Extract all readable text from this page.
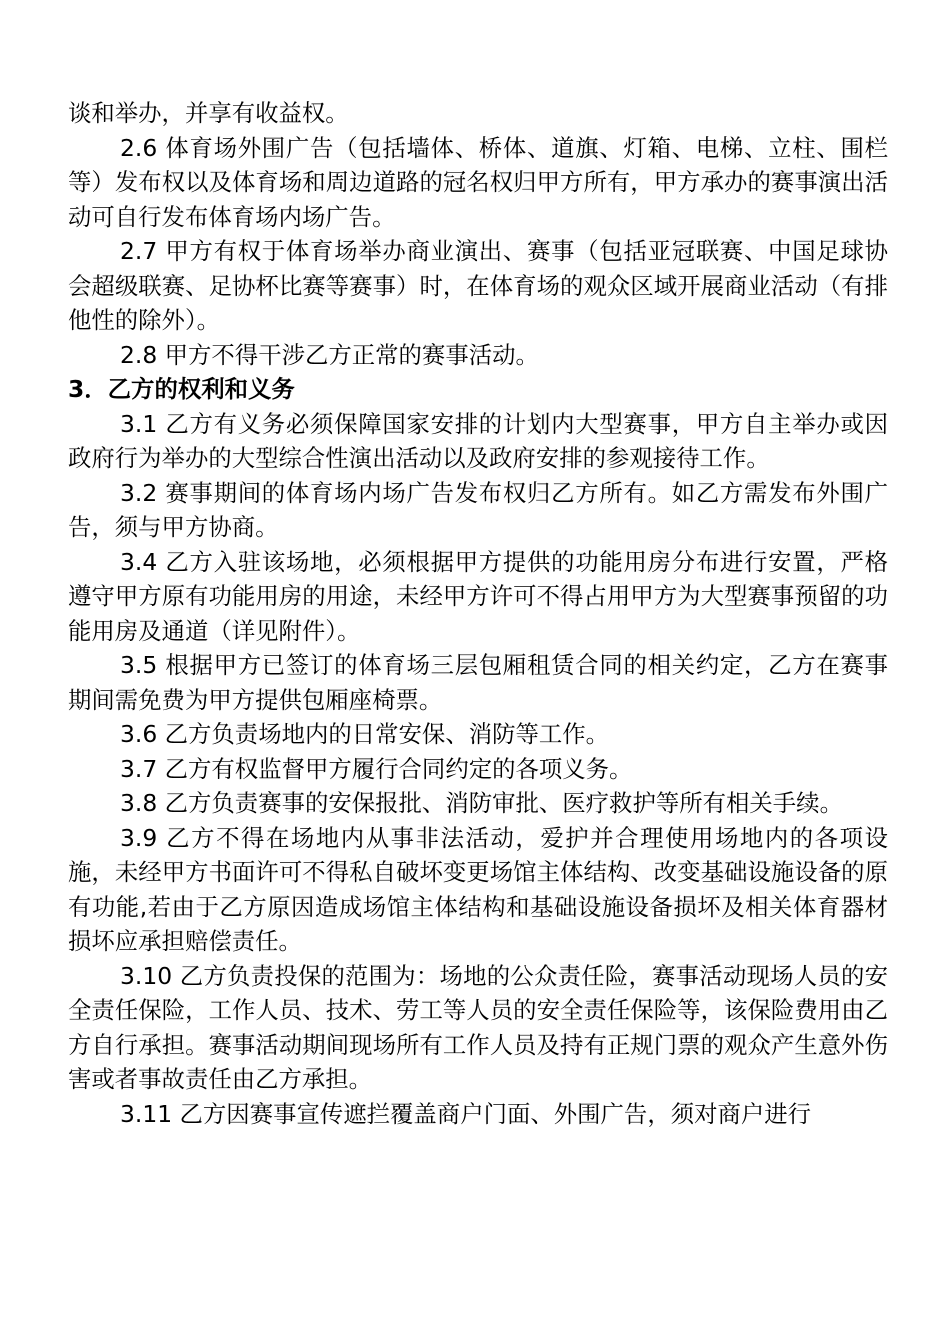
谈和举办，并享有收益权。

2.6 体育场外围广告（包括墙体、桥体、道旗、灯箱、电梯、立柱、围栏等）发布权以及体育场和周边道路的冠名权归甲方所有，甲方承办的赛事演出活动可自行发布体育场内场广告。

2.7 甲方有权于体育场举办商业演出、赛事（包括亚冠联赛、中国足球协会超级联赛、足协杯比赛等赛事）时，在体育场的观众区域开展商业活动（有排他性的除外）。

2.8 甲方不得干涉乙方正常的赛事活动。

3．乙方的权利和义务

3.1 乙方有义务必须保障国家安排的计划内大型赛事，甲方自主举办或因政府行为举办的大型综合性演出活动以及政府安排的参观接待工作。

3.2 赛事期间的体育场内场广告发布权归乙方所有。如乙方需发布外围广告，须与甲方协商。

3.4 乙方入驻该场地，必须根据甲方提供的功能用房分布进行安置，严格遵守甲方原有功能用房的用途，未经甲方许可不得占用甲方为大型赛事预留的功能用房及通道（详见附件）。

3.5 根据甲方已签订的体育场三层包厢租赁合同的相关约定，乙方在赛事期间需免费为甲方提供包厢座椅票。

3.6 乙方负责场地内的日常安保、消防等工作。

3.7 乙方有权监督甲方履行合同约定的各项义务。

3.8 乙方负责赛事的安保报批、消防审批、医疗救护等所有相关手续。

3.9 乙方不得在场地内从事非法活动，爱护并合理使用场地内的各项设施，未经甲方书面许可不得私自破坏变更场馆主体结构、改变基础设施设备的原有功能,若由于乙方原因造成场馆主体结构和基础设施设备损坏及相关体育器材损坏应承担赔偿责任。

3.10 乙方负责投保的范围为：场地的公众责任险，赛事活动现场人员的安全责任保险，工作人员、技术、劳工等人员的安全责任保险等，该保险费用由乙方自行承担。赛事活动期间现场所有工作人员及持有正规门票的观众产生意外伤害或者事故责任由乙方承担。

3.11 乙方因赛事宣传遮拦覆盖商户门面、外围广告，须对商户进行
